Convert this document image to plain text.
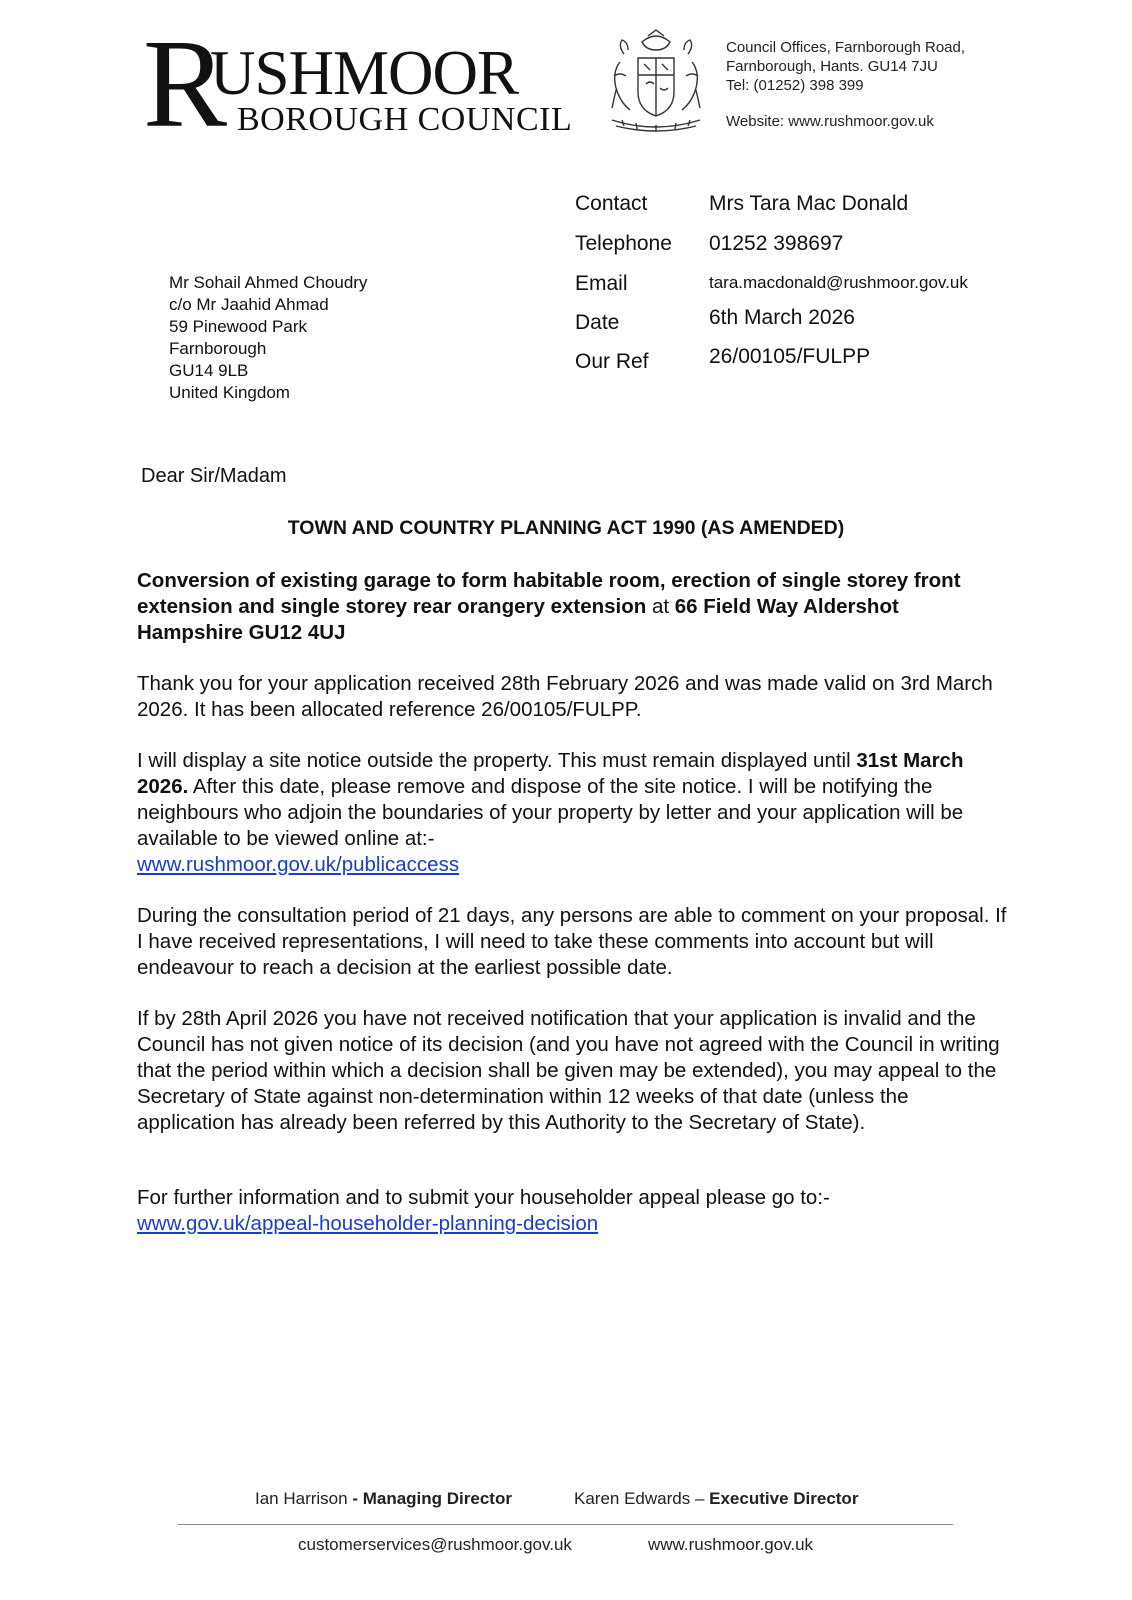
R
USHMOOR
BOROUGH COUNCIL
Council Offices, Farnborough Road,
Farnborough, Hants. GU14 7JU
Tel: (01252) 398 399
Website: www.rushmoor.gov.uk
Contact	Mrs Tara Mac Donald
Telephone 01252 398697
Email	tara.macdonald@rushmoor.gov.uk
Date	6th March 2026
Our Ref	26/00105/FULPP
Mr Sohail Ahmed Choudry
c/o Mr Jaahid Ahmad
59 Pinewood Park
Farnborough
GU14 9LB
United Kingdom
Dear Sir/Madam
TOWN AND COUNTRY PLANNING ACT 1990 (AS AMENDED)

Conversion of existing garage to form habitable room, erection of single storey front extension and single storey rear orangery extension at 66 Field Way Aldershot Hampshire GU12 4UJ

Thank you for your application received 28th February 2026 and was made valid on 3rd March 2026. It has been allocated reference 26/00105/FULPP.

I will display a site notice outside the property. This must remain displayed until 31st March 2026. After this date, please remove and dispose of the site notice. I will be notifying the neighbours who adjoin the boundaries of your property by letter and your application will be available to be viewed online at:-
www.rushmoor.gov.uk/publicaccess

During the consultation period of 21 days, any persons are able to comment on your proposal. If I have received representations, I will need to take these comments into account but will endeavour to reach a decision at the earliest possible date.

If by 28th April 2026 you have not received notification that your application is invalid and the Council has not given notice of its decision (and you have not agreed with the Council in writing that the period within which a decision shall be given may be extended), you may appeal to the Secretary of State against non-determination within 12 weeks of that date (unless the application has already been referred by this Authority to the Secretary of State).

For further information and to submit your householder appeal please go to:-
www.gov.uk/appeal-householder-planning-decision

Ian Harrison - Managing Director	Karen Edwards – Executive Director
customerservices@rushmoor.gov.uk	www.rushmoor.gov.uk
